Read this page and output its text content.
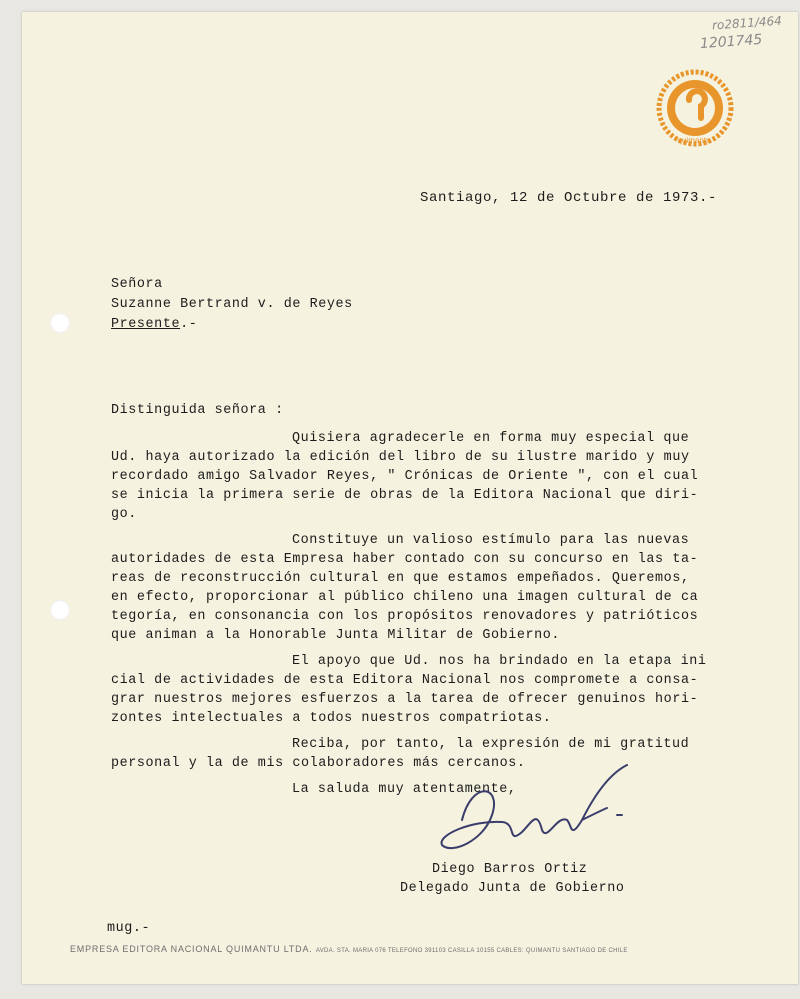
ro2811/464
1201745
quimantu
Santiago, 12 de Octubre de 1973.-
Señora
Suzanne Bertrand v. de Reyes
Presente.-
Distinguida señora :
Quisiera agradecerle en forma muy especial que
Ud. haya autorizado la edición del libro de su ilustre marido y muy
recordado amigo Salvador Reyes, " Crónicas de Oriente ", con el cual
se inicia la primera serie de obras de la Editora Nacional que diri-
go.
Constituye un valioso estímulo para las nuevas
autoridades de esta Empresa haber contado con su concurso en las ta-
reas de reconstrucción cultural en que estamos empeñados. Queremos,
en efecto, proporcionar al público chileno una imagen cultural de ca
tegoría, en consonancia con los propósitos renovadores y patrióticos
que animan a la Honorable Junta Militar de Gobierno.
El apoyo que Ud. nos ha brindado en la etapa ini
cial de actividades de esta Editora Nacional nos compromete a consa-
grar nuestros mejores esfuerzos a la tarea de ofrecer genuinos hori-
zontes intelectuales a todos nuestros compatriotas.
Reciba, por tanto, la expresión de mi gratitud
personal y la de mis colaboradores más cercanos.
La saluda muy atentamente,
Diego Barros Ortiz
Delegado Junta de Gobierno
mug.-
EMPRESA EDITORA NACIONAL QUIMANTU LTDA. AVDA. STA. MARIA 076 TELEFONO 391103 CASILLA 10155 CABLES: QUIMANTU SANTIAGO DE CHILE
